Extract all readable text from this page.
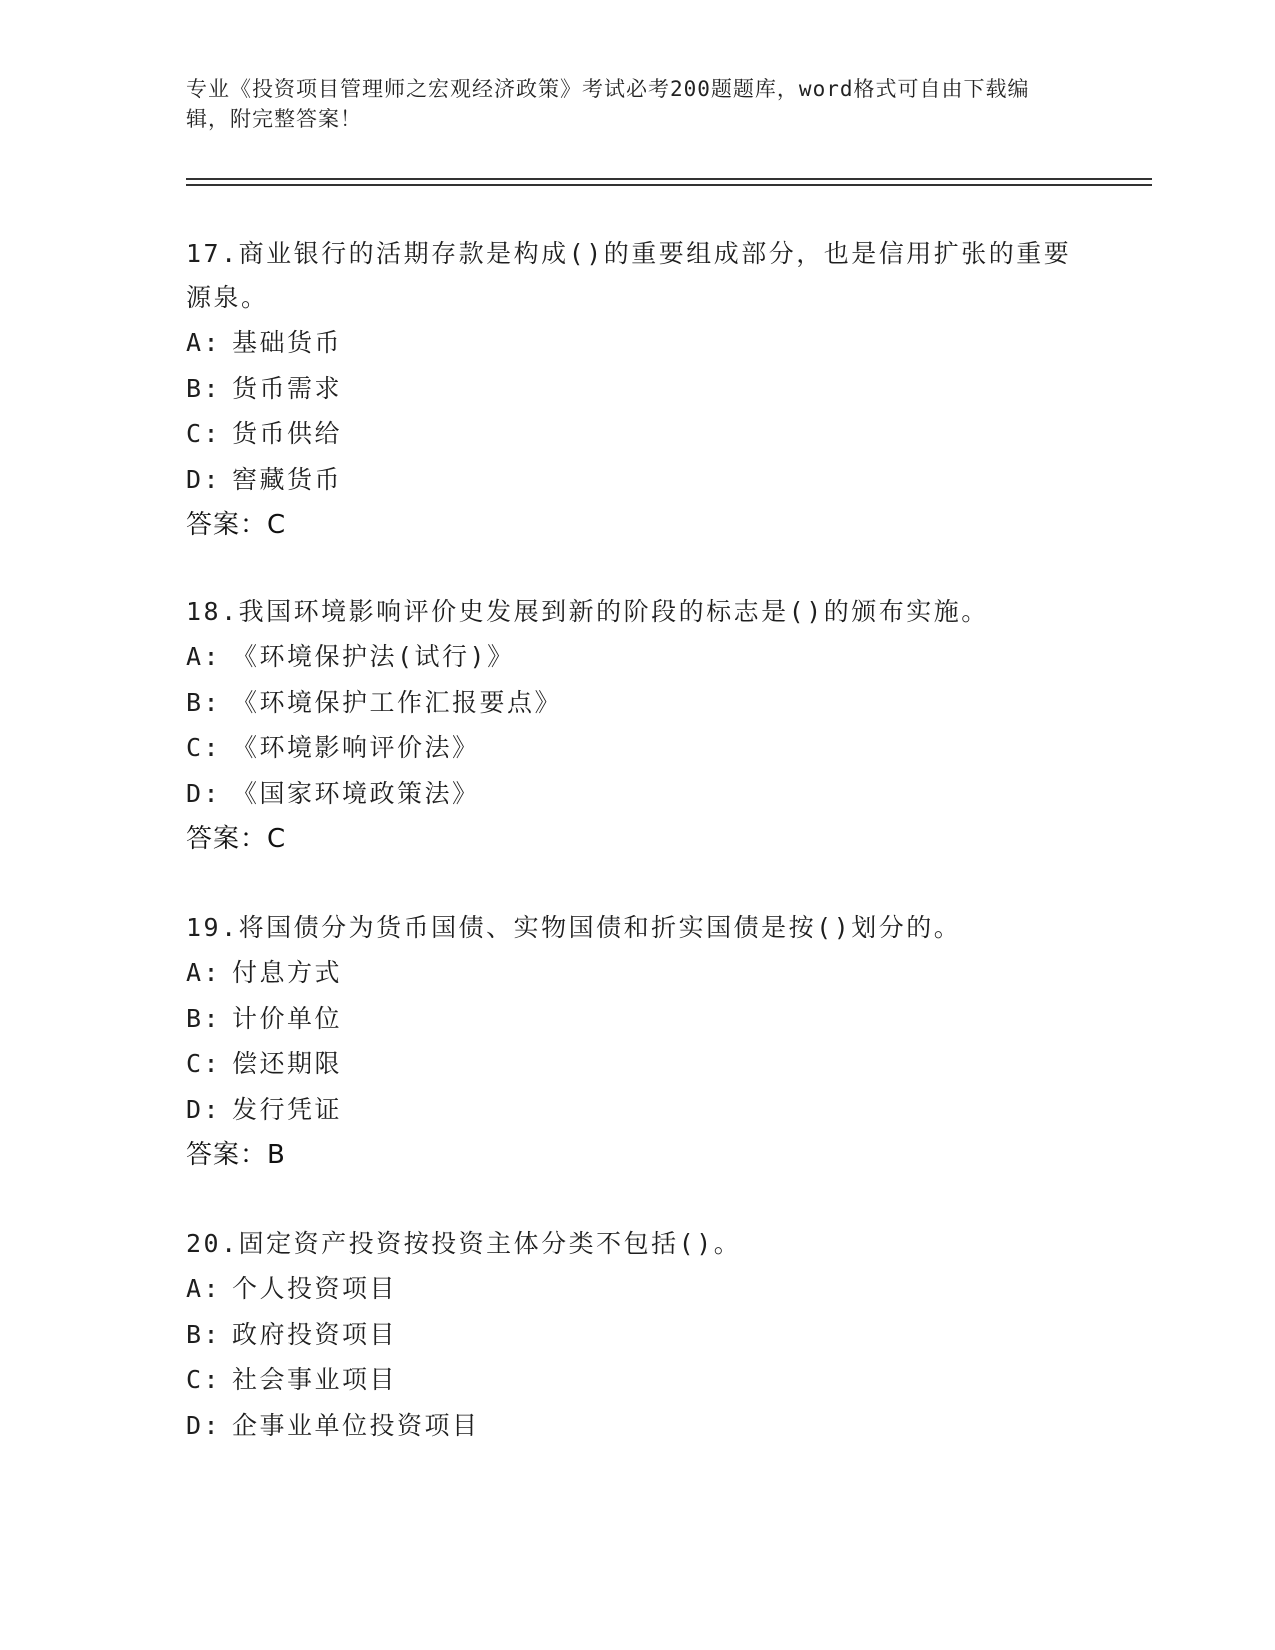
专业《投资项目管理师之宏观经济政策》考试必考200题题库，word格式可自由下载编辑，附完整答案！

17.商业银行的活期存款是构成()的重要组成部分，也是信用扩张的重要源泉。

A: 基础货币

B: 货币需求

C: 货币供给

D: 窖藏货币

答案：C

18.我国环境影响评价史发展到新的阶段的标志是()的颁布实施。

A: 《环境保护法(试行)》

B: 《环境保护工作汇报要点》

C: 《环境影响评价法》

D: 《国家环境政策法》

答案：C

19.将国债分为货币国债、实物国债和折实国债是按()划分的。

A: 付息方式

B: 计价单位

C: 偿还期限

D: 发行凭证

答案：B

20.固定资产投资按投资主体分类不包括()。

A: 个人投资项目

B: 政府投资项目

C: 社会事业项目

D: 企事业单位投资项目
